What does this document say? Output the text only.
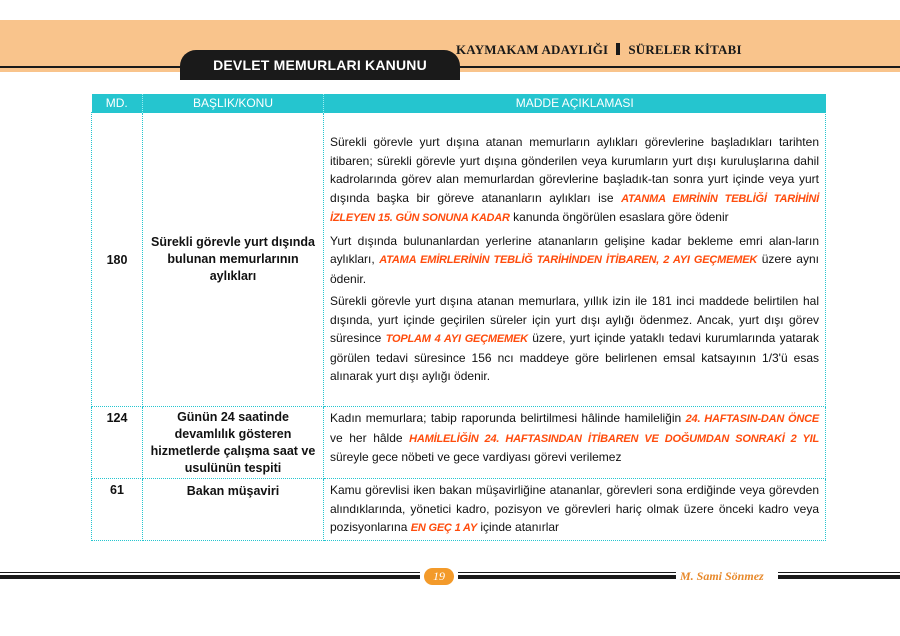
KAYMAKAM ADAYLIĞI SÜRELER KİTABI
DEVLET MEMURLARI KANUNU
MD.	BAŞLIK/KONU	MADDE AÇIKLAMASI
180	Sürekli görevle yurt dışında bulunan memurlarının aylıkları	Sürekli görevle yurt dışına atanan memurların aylıkları görevlerine başladıkları tarihten itibaren; sürekli görevle yurt dışına gönderilen veya kurumların yurt dışı kuruluşlarına dahil kadrolarında görev alan memurlardan görevlerine başladık-tan sonra yurt içinde veya yurt dışında başka bir göreve atananların aylıkları ise ATANMA EMRİNİN TEBLİĞİ TARİHİNİ İZLEYEN 15. GÜN SONUNA KADAR kanunda öngörülen esaslara göre ödenir

Yurt dışında bulunanlardan yerlerine atananların gelişine kadar bekleme emri alan-ların aylıkları, ATAMA EMİRLERİNİN TEBLİĞ TARİHİNDEN İTİBAREN, 2 AYI GEÇMEMEK üzere aynı ödenir.

Sürekli görevle yurt dışına atanan memurlara, yıllık izin ile 181 inci maddede belirtilen hal dışında, yurt içinde geçirilen süreler için yurt dışı aylığı ödenmez. Ancak, yurt dışı görev süresince TOPLAM 4 AYI GEÇMEMEK üzere, yurt içinde yataklı tedavi kurumlarında yatarak görülen tedavi süresince 156 ncı maddeye göre belirlenen emsal katsayının 1/3'ü esas alınarak yurt dışı aylığı ödenir.

124	Günün 24 saatinde devamlılık gösteren hizmetlerde çalışma saat ve usulünün tespiti	Kadın memurlara; tabip raporunda belirtilmesi hâlinde hamileliğin 24. HAFTASIN-DAN ÖNCE ve her hâlde HAMİLELİĞİN 24. HAFTASINDAN İTİBAREN VE DOĞUMDAN SONRAKİ 2 YIL süreyle gece nöbeti ve gece vardiyası görevi verilemez

61	Bakan müşaviri	Kamu görevlisi iken bakan müşavirliğine atananlar, görevleri sona erdiğinde veya görevden alındıklarında, yönetici kadro, pozisyon ve görevleri hariç olmak üzere önceki kadro veya pozisyonlarına EN GEÇ 1 AY içinde atanırlar

19	M. Sami Sönmez
